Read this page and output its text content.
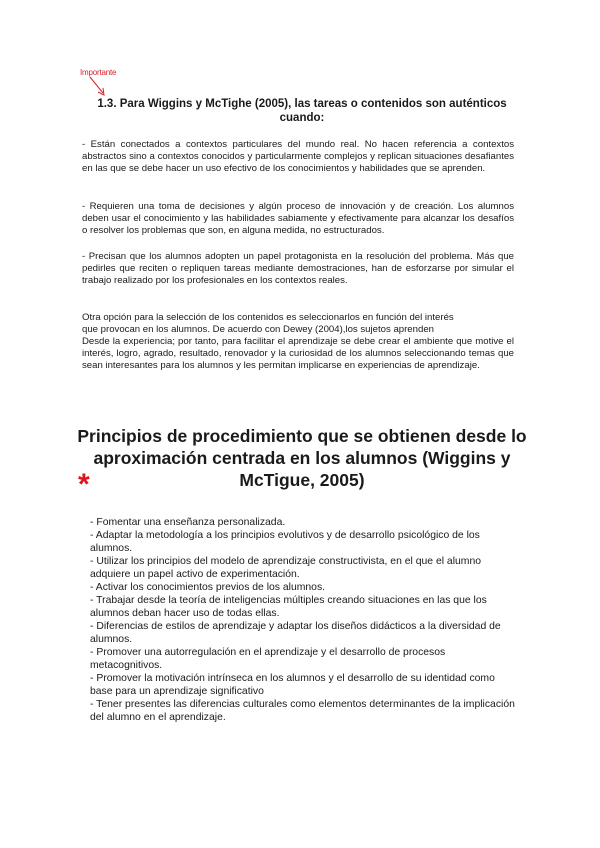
Importante
1.3. Para Wiggins y McTighe (2005), las tareas o contenidos son auténticos cuando:
- Están conectados a contextos particulares del mundo real. No hacen referencia a contextos abstractos sino a contextos conocidos y particularmente complejos y replican situaciones desafiantes en las que se debe hacer un uso efectivo de los conocimientos y habilidades que se aprenden.
- Requieren una toma de decisiones y algún proceso de innovación y de creación. Los alumnos deben usar el conocimiento y las habilidades sabiamente y efectivamente para alcanzar los desafíos o resolver los problemas que son, en alguna medida, no estructurados.
- Precisan que los alumnos adopten un papel protagonista en la resolución del problema. Más que pedirles que reciten o repliquen tareas mediante demostraciones, han de esforzarse por simular el trabajo realizado por los profesionales en los contextos reales.
Otra opción para la selección de los contenidos es seleccionarlos en función del interés
que provocan en los alumnos. De acuerdo con Dewey (2004),los sujetos aprenden
Desde la experiencia; por tanto, para facilitar el aprendizaje se debe crear el ambiente que motive el interés, logro, agrado, resultado, renovador y la curiosidad de los alumnos seleccionando temas que sean interesantes para los alumnos y les permitan implicarse en experiencias de aprendizaje.
Principios de procedimiento que se obtienen desde lo aproximación centrada en los alumnos (Wiggins y McTigue, 2005)
*
- Fomentar una enseñanza personalizada.
- Adaptar la metodología a los principios evolutivos y de desarrollo psicológico de los alumnos.
- Utilizar los principios del modelo de aprendizaje constructivista, en el que el alumno adquiere un papel activo de experimentación.
- Activar los conocimientos previos de los alumnos.
- Trabajar desde la teoría de inteligencias múltiples creando situaciones en las que los alumnos deban hacer uso de todas ellas.
- Diferencias de estilos de aprendizaje y adaptar los diseños didácticos a la diversidad de alumnos.
- Promover una autorregulación en el aprendizaje y el desarrollo de procesos metacognitivos.
- Promover la motivación intrínseca en los alumnos y el desarrollo de su identidad como base para un aprendizaje significativo
- Tener presentes las diferencias culturales como elementos determinantes de la implicación del alumno en el aprendizaje.
